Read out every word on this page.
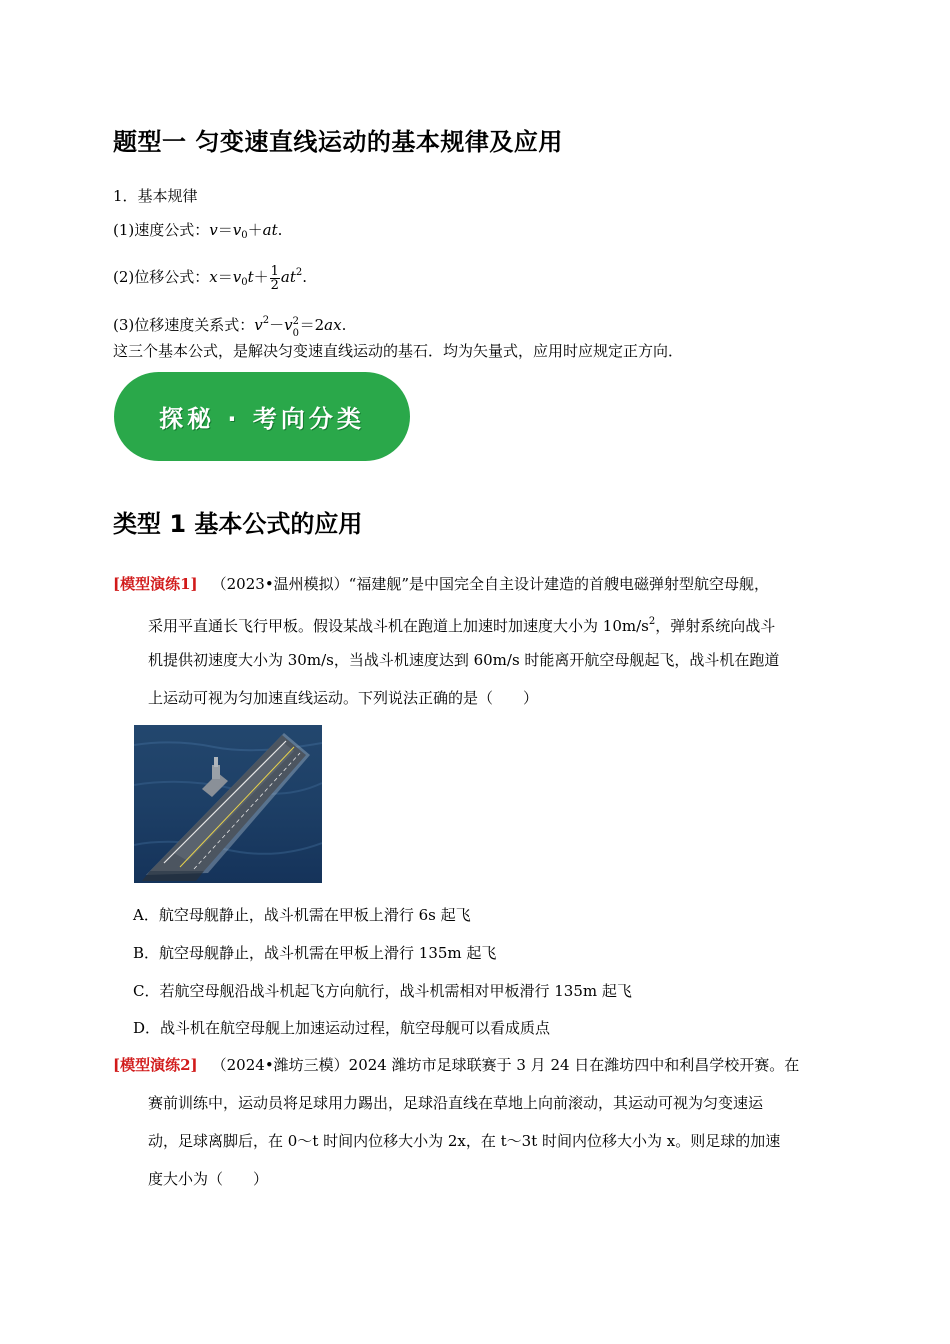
题型一 匀变速直线运动的基本规律及应用
1．基本规律
(1)速度公式：$v=v_0+at$.
(2)位移公式：$x=v_0t+ \frac{1}{2} at^2$.
(3)位移速度关系式：$v^2-v$ 2
0 ＝2ax.
这三个基本公式，是解决匀变速直线运动的基石．均为矢量式，应用时应规定正方向．
探秘 · 考向分类
类型 1 基本公式的应用
[模型演练1] （2023•温州模拟）“福建舰”是中国完全自主设计建造的首艘电磁弹射型航空母舰，
采用平直通长飞行甲板。假设某战斗机在跑道上加速时加速度大小为 $10m/s^2$，弹射系统向战斗
机提供初速度大小为 30m/s，当战斗机速度达到 60m/s 时能离开航空母舰起飞，战斗机在跑道
上运动可视为匀加速直线运动。下列说法正确的是（　　）
A．航空母舰静止，战斗机需在甲板上滑行 6s 起飞
B．航空母舰静止，战斗机需在甲板上滑行 135m 起飞
C．若航空母舰沿战斗机起飞方向航行，战斗机需相对甲板滑行 135m 起飞
D．战斗机在航空母舰上加速运动过程，航空母舰可以看成质点
[模型演练2] （2024•潍坊三模）2024 潍坊市足球联赛于 3 月 24 日在潍坊四中和利昌学校开赛。在
赛前训练中，运动员将足球用力踢出，足球沿直线在草地上向前滚动，其运动可视为匀变速运
动，足球离脚后，在 0～t 时间内位移大小为 2x，在 t～3t 时间内位移大小为 x。则足球的加速
度大小为（　　）
